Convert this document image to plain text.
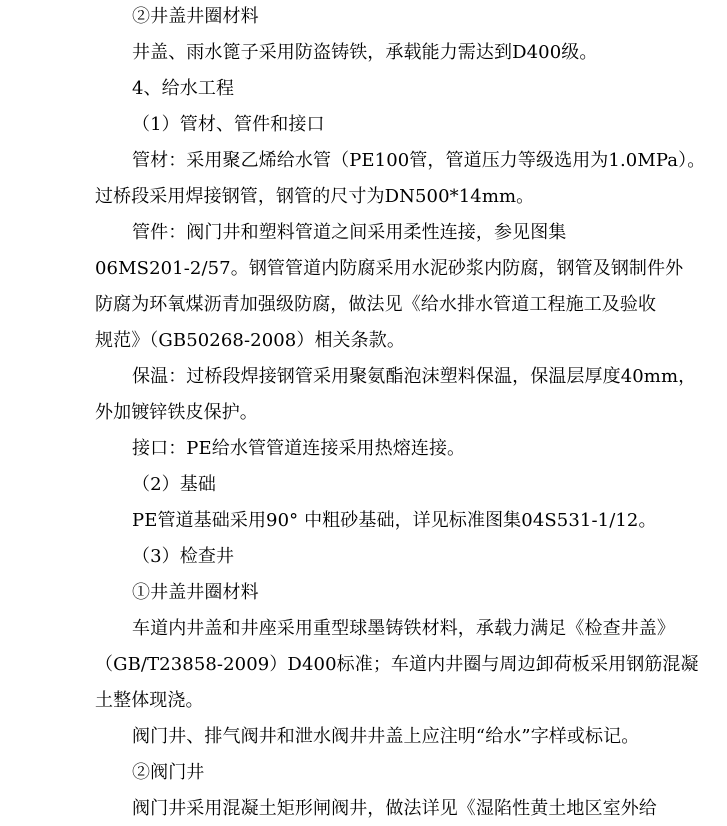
②井盖井圈材料
井盖、雨水篦子采用防盗铸铁，承载能力需达到D400级。
4、给水工程
（1）管材、管件和接口
管材：采用聚乙烯给水管（PE100管，管道压力等级选用为1.0MPa）。
过桥段采用焊接钢管，钢管的尺寸为DN500*14mm。
管件：阀门井和塑料管道之间采用柔性连接，参见图集
06MS201-2/57。钢管管道内防腐采用水泥砂浆内防腐，钢管及钢制件外
防腐为环氧煤沥青加强级防腐，做法见《给水排水管道工程施工及验收
规范》（GB50268-2008）相关条款。
保温：过桥段焊接钢管采用聚氨酯泡沫塑料保温，保温层厚度40mm，
外加镀锌铁皮保护。
接口：PE给水管管道连接采用热熔连接。
（2）基础
PE管道基础采用90° 中粗砂基础，详见标准图集04S531-1/12。
（3）检查井
①井盖井圈材料
车道内井盖和井座采用重型球墨铸铁材料，承载力满足《检查井盖》
（GB/T23858-2009）D400标准；车道内井圈与周边卸荷板采用钢筋混凝
土整体现浇。
阀门井、排气阀井和泄水阀井井盖上应注明“给水”字样或标记。
②阀门井
阀门井采用混凝土矩形闸阀井，做法详见《湿陷性黄土地区室外给
